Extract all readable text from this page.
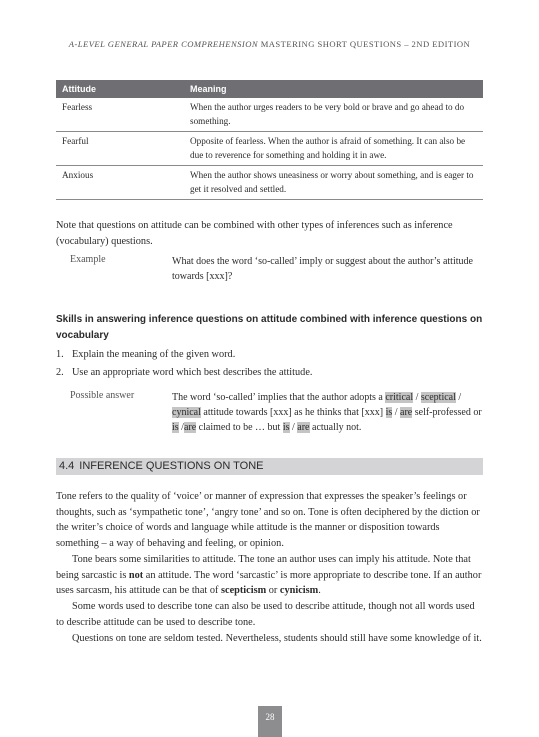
A-LEVEL GENERAL PAPER COMPREHENSION MASTERING SHORT QUESTIONS – 2ND EDITION
Attitude	Meaning
Fearless	When the author urges readers to be very bold or brave and go ahead to do something.
Fearful	Opposite of fearless. When the author is afraid of something. It can also be due to reverence for something and holding it in awe.
Anxious	When the author shows uneasiness or worry about something, and is eager to get it resolved and settled.
Note that questions on attitude can be combined with other types of inferences such as inference (vocabulary) questions.
Example	What does the word ‘so-called’ imply or suggest about the author’s attitude towards [xxx]?
Skills in answering inference questions on attitude combined with inference questions on vocabulary
1. Explain the meaning of the given word.
2. Use an appropriate word which best describes the attitude.
Possible answer	The word ‘so-called’ implies that the author adopts a critical / sceptical / cynical attitude towards [xxx] as he thinks that [xxx] is / are self-professed or is /are claimed to be … but is / are actually not.
4.4 INFERENCE QUESTIONS ON TONE
Tone refers to the quality of ‘voice’ or manner of expression that expresses the speaker’s feelings or thoughts, such as ‘sympathetic tone’, ‘angry tone’ and so on. Tone is often deciphered by the diction or the writer’s choice of words and language while attitude is the manner or disposition towards something – a way of behaving and feeling, or opinion.
Tone bears some similarities to attitude. The tone an author uses can imply his attitude. Note that being sarcastic is not an attitude. The word ‘sarcastic’ is more appropriate to describe tone. If an author uses sarcasm, his attitude can be that of scepticism or cynicism.
Some words used to describe tone can also be used to describe attitude, though not all words used to describe attitude can be used to describe tone.
Questions on tone are seldom tested. Nevertheless, students should still have some knowledge of it.
28
